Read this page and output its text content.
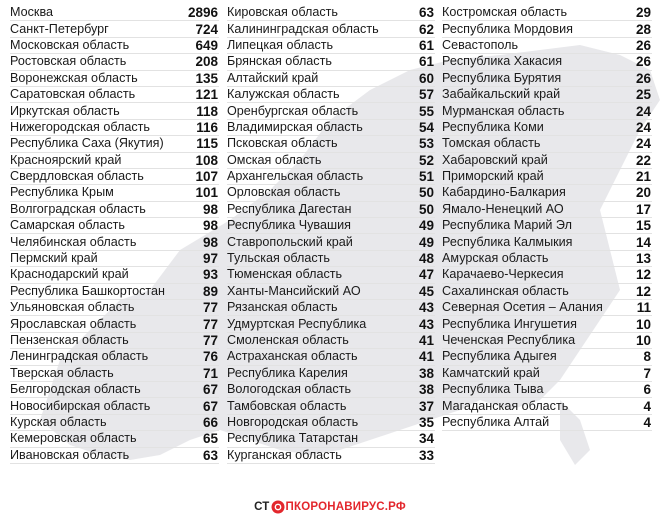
Москва	2896
Санкт-Петербург	724
Московская область	649
Ростовская область	208
Воронежская область	135
Саратовская область	121
Иркутская область	118
Нижегородская область	116
Республика Саха (Якутия) 115
Красноярский край	108
Свердловская область	107
Республика Крым	101
Волгоградская область	98
Самарская область	98
Челябинская область	98
Пермский край	97
Краснодарский край	93
Республика Башкортостан	89
Ульяновская область	77
Ярославская область	77
Пензенская область	77
Ленинградская область	76
Тверская область	71
Белгородская область	67
Новосибирская область	67
Курская область	66
Кемеровская область	65
Ивановская область	63
Кировская область	63
Калининградская область	62
Липецкая область	61
Брянская область	61
Алтайский край	60
Калужская область	57
Оренбургская область	55
Владимирская область	54
Псковская область	53
Омская область	52
Архангельская область	51
Орловская область	50
Республика Дагестан	50
Республика Чувашия	49
Ставропольский край	49
Тульская область	48
Тюменская область	47
Ханты-Мансийский АО	45
Рязанская область	43
Удмуртская Республика	43
Смоленская область	41
Астраханская область	41
Республика Карелия	38
Вологодская область	38
Тамбовская область	37
Новгородская область	35
Республика Татарстан	34
Курганская область	33
Костромская область	29
Республика Мордовия	28
Севастополь	26
Республика Хакасия	26
Республика Бурятия	26
Забайкальский край	25
Мурманская область	24
Республика Коми	24
Томская область	24
Хабаровский край	22
Приморский край	21
Кабардино-Балкария	20
Ямало-Ненецкий АО	17
Республика Марий Эл	15
Республика Калмыкия	14
Амурская область	13
Карачаево-Черкесия	12
Сахалинская область	12
Северная Осетия – Алания	11
Республика Ингушетия	10
Чеченская Республика	10
Республика Адыгея	8
Камчатский край	7
Республика Тыва	6
Магаданская область	4
Республика Алтай	4
СТ ПКОРОНАВИРУС.РФ
